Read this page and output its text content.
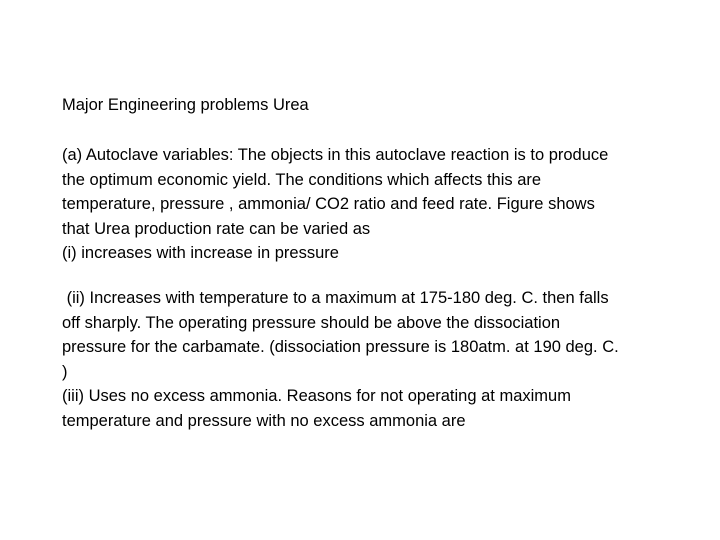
Major Engineering problems Urea
(a) Autoclave variables: The objects in this autoclave reaction is to produce
the optimum economic yield. The conditions which affects this are
temperature, pressure , ammonia/ CO2 ratio and feed rate. Figure shows
that Urea production rate can be varied as
(i) increases with increase in pressure
(ii) Increases with temperature to a maximum at 175-180 deg. C. then falls
off sharply. The operating pressure should be above the dissociation
pressure for the carbamate. (dissociation pressure is 180atm. at 190 deg. C.
)
(iii) Uses no excess ammonia. Reasons for not operating at maximum
temperature and pressure with no excess ammonia are
